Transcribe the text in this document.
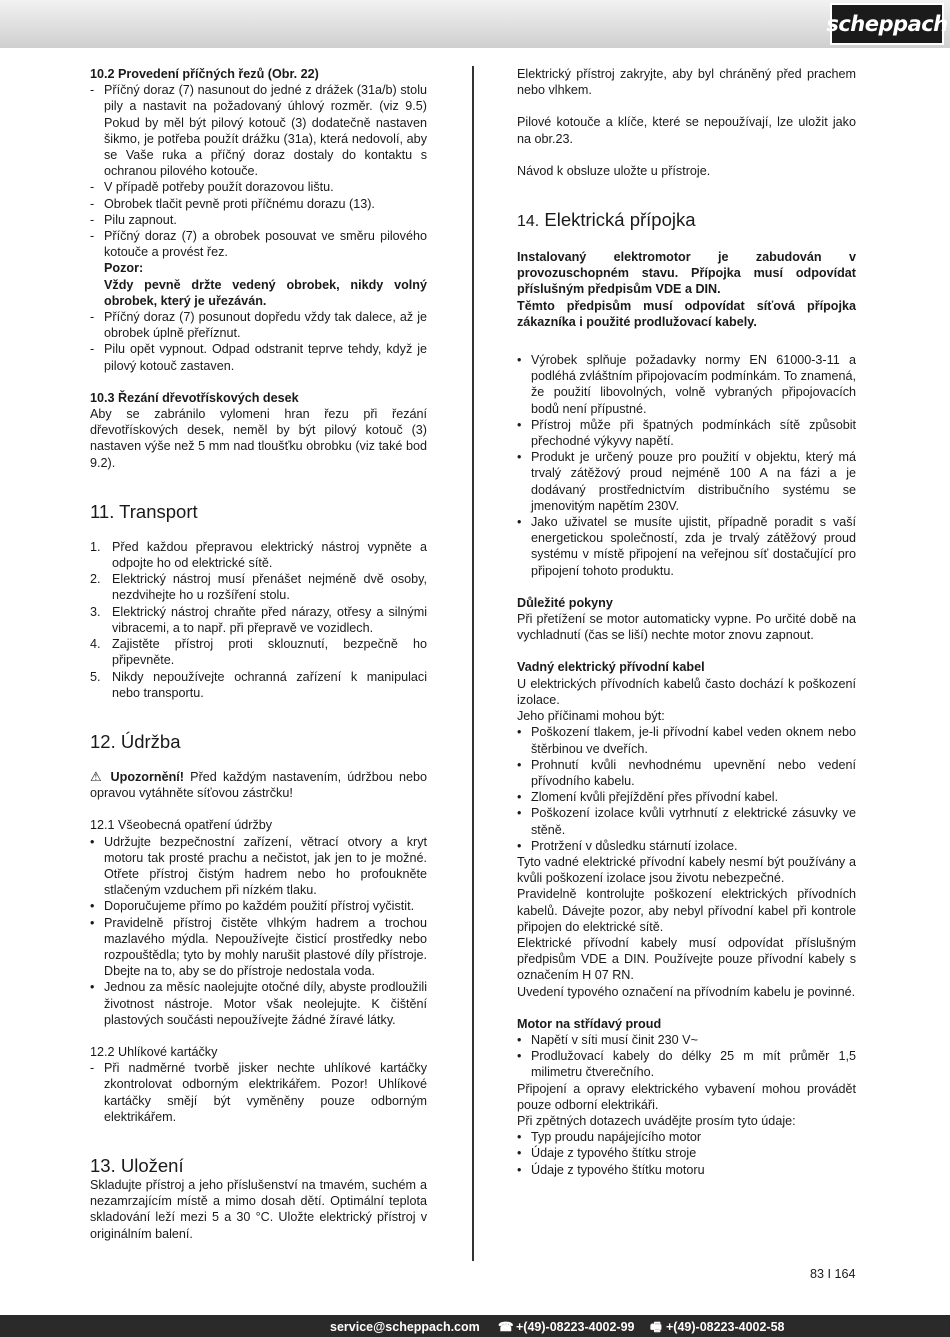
scheppach

10.2 Provedení příčných řezů (Obr. 22)

- Příčný doraz (7) nasunout do jedné z drážek (31a/b) stolu pily a nastavit na požadovaný úhlový rozměr. (viz 9.5) Pokud by měl být pilový kotouč (3) dodatečně nastaven šikmo, je potřeba použít drážku (31a), která nedovolí, aby se Vaše ruka a příčný doraz dostaly do kontaktu s ochranou pilového kotouče.
- V případě potřeby použít dorazovou lištu.
- Obrobek tlačit pevně proti příčnému dorazu (13).
- Pilu zapnout.
- Příčný doraz (7) a obrobek posouvat ve směru pilového kotouče a provést řez.

Pozor:

Vždy pevně držte vedený obrobek, nikdy volný obrobek, který je uřezáván.

- Příčný doraz (7) posunout dopředu vždy tak dalece, až je obrobek úplně přeříznut.
- Pilu opět vypnout. Odpad odstranit teprve tehdy, když je pilový kotouč zastaven.

10.3 Řezání dřevotřískových desek

Aby se zabránilo vylomeni hran řezu při řezání dřevotřískových desek, neměl by být pilový kotouč (3) nastaven výše než 5 mm nad tloušťku obrobku (viz také bod 9.2).

11. Transport
1. Před každou přepravou elektrický nástroj vypněte a odpojte ho od elektrické sítě.
2. Elektrický nástroj musí přenášet nejméně dvě osoby, nezdvihejte ho u rozšíření stolu.
3. Elektrický nástroj chraňte před nárazy, otřesy a silnými vibracemi, a to např. při přepravě ve vozidlech.
4. Zajistěte přístroj proti sklouznutí, bezpečně ho připevněte.
5. Nikdy nepoužívejte ochranná zařízení k manipulaci nebo transportu.
12. Údržba

⚠ Upozornění! Před každým nastavením, údržbou nebo opravou vytáhněte síťovou zástrčku!

12.1 Všeobecná opatření údržby

• Udržujte bezpečnostní zařízení, větrací otvory a kryt motoru tak prosté prachu a nečistot, jak jen to je možné. Otřete přístroj čistým hadrem nebo ho profoukněte stlačeným vzduchem při nízkém tlaku.
• Doporučujeme přímo po každém použití přístroj vyčistit.
• Pravidelně přístroj čistěte vlhkým hadrem a trochou mazlavého mýdla. Nepoužívejte čisticí prostředky nebo rozpouštědla; tyto by mohly narušit plastové díly přístroje. Dbejte na to, aby se do přístroje nedostala voda.
• Jednou za měsíc naolejujte otočné díly, abyste prodloužili životnost nástroje. Motor však neolejujte. K čištění plastových součásti nepoužívejte žádné žíravé látky.

12.2 Uhlíkové kartáčky

- Při nadměrné tvorbě jisker nechte uhlíkové kartáčky zkontrolovat odborným elektrikářem. Pozor! Uhlíkové kartáčky smějí být vyměněny pouze odborným elektrikářem.
13. Uložení

Skladujte přístroj a jeho příslušenství na tmavém, suchém a nezamrzajícím místě a mimo dosah dětí. Optimální teplota skladování leží mezi 5 a 30 °C. Uložte elektrický přístroj v originálním balení.

Elektrický přístroj zakryjte, aby byl chráněný před prachem nebo vlhkem.

Pilové kotouče a klíče, které se nepoužívají, lze uložit jako na obr.23.

Návod k obsluze uložte u přístroje.

14. Elektrická přípojka

Instalovaný elektromotor je zabudován v provozuschopném stavu. Přípojka musí odpovídat příslušným předpisům VDE a DIN.

Těmto předpisům musí odpovídat síťová přípojka zákazníka i použité prodlužovací kabely.

• Výrobek splňuje požadavky normy EN 61000-3-11 a podléhá zvláštním připojovacím podmínkám. To znamená, že použití libovolných, volně vybraných připojovacích bodů není přípustné.
• Přístroj může při špatných podmínkách sítě způsobit přechodné výkyvy napětí.
• Produkt je určený pouze pro použití v objektu, který má trvalý zátěžový proud nejméně 100 A na fázi a je dodávaný prostřednictvím distribučního systému se jmenovitým napětím 230V.
• Jako uživatel se musíte ujistit, případně poradit s vaší energetickou společností, zda je trvalý zátěžový proud systému v místě připojení na veřejnou síť dostačující pro připojení tohoto produktu.

Důležité pokyny

Při přetížení se motor automaticky vypne. Po určité době na vychladnutí (čas se liší) nechte motor znovu zapnout.

Vadný elektrický přívodní kabel

U elektrických přívodních kabelů často dochází k poškození izolace.

Jeho příčinami mohou být:

• Poškození tlakem, je-li přívodní kabel veden oknem nebo štěrbinou ve dveřích.
• Prohnutí kvůli nevhodnému upevnění nebo vedení přívodního kabelu.
• Zlomení kvůli přejíždění přes přívodní kabel.
• Poškození izolace kvůli vytrhnutí z elektrické zásuvky ve stěně.
• Protržení v důsledku stárnutí izolace.

Tyto vadné elektrické přívodní kabely nesmí být používány a kvůli poškození izolace jsou životu nebezpečné.

Pravidelně kontrolujte poškození elektrických přívodních kabelů. Dávejte pozor, aby nebyl přívodní kabel při kontrole připojen do elektrické sítě.

Elektrické přívodní kabely musí odpovídat příslušným předpisům VDE a DIN. Používejte pouze přívodní kabely s označením H 07 RN.

Uvedení typového označení na přívodním kabelu je povinné.

Motor na střídavý proud

• Napětí v síti musí činit 230 V~
• Prodlužovací kabely do délky 25 m mít průměr 1,5 milimetru čtverečního.

Připojení a opravy elektrického vybavení mohou provádět pouze odborní elektrikáři.

Při zpětných dotazech uvádějte prosím tyto údaje:

• Typ proudu napájejícího motor
• Údaje z typového štítku stroje
• Údaje z typového štítku motoru
83 I 164
service@scheppach.com ☎ +(49)-08223-4002-99 🖷 +(49)-08223-4002-58
